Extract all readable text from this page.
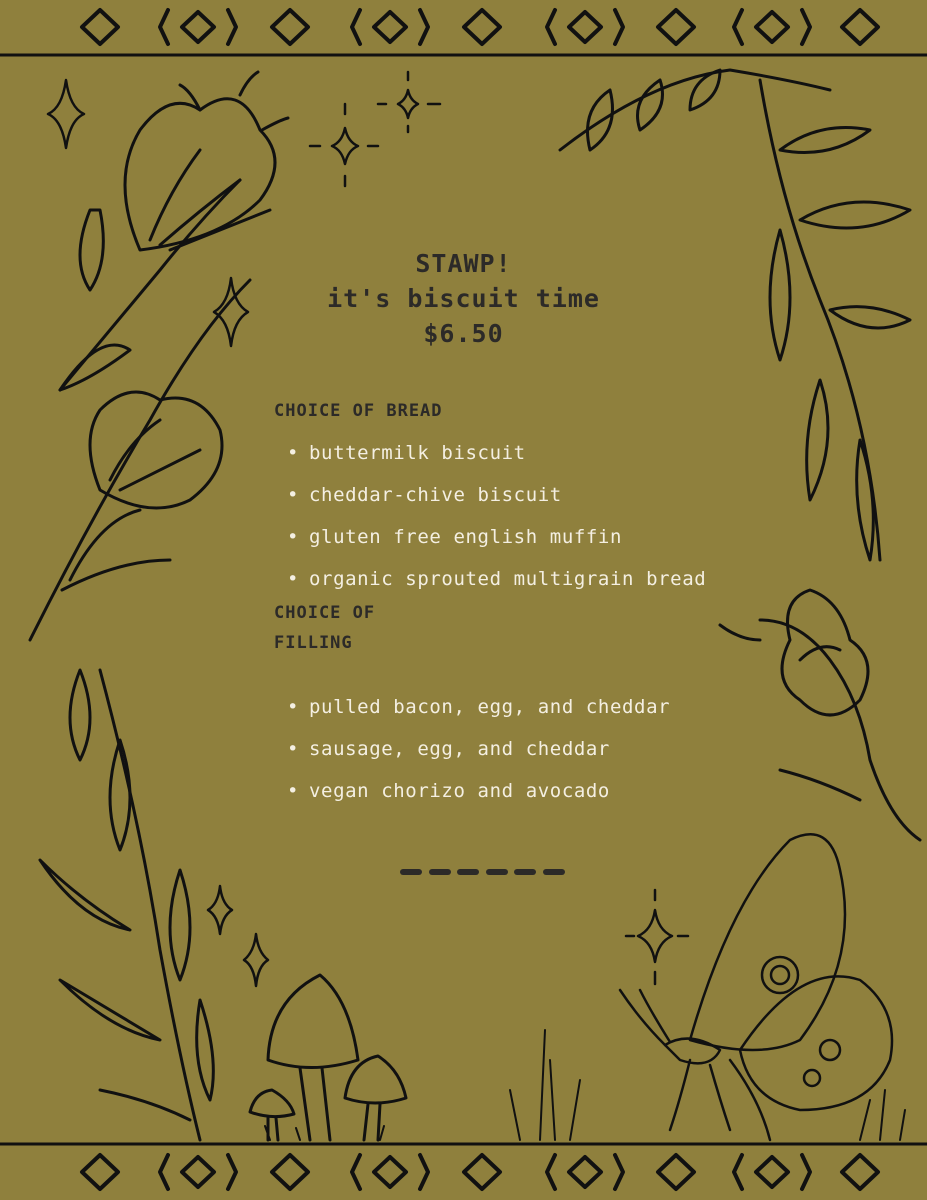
STAWP!
it's biscuit time
$6.50
CHOICE OF BREAD
• buttermilk biscuit
• cheddar-chive biscuit
• gluten free english muffin
• organic sprouted multigrain bread
CHOICE OF
FILLING
• pulled bacon, egg, and cheddar
• sausage, egg, and cheddar
• vegan chorizo and avocado
